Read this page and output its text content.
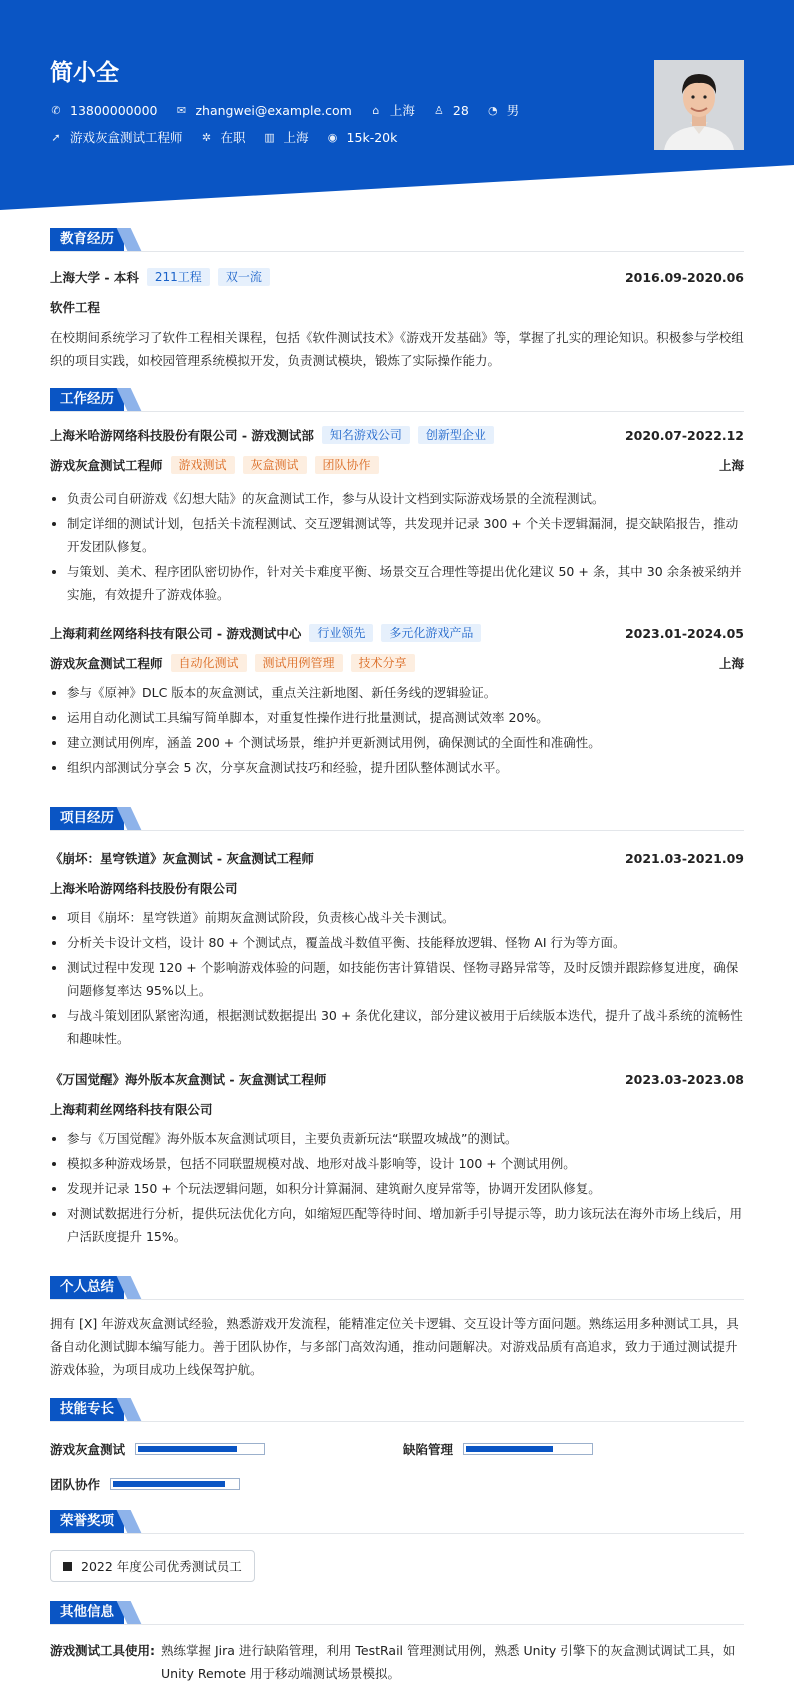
简小全
✆ 13800000000 ✉ zhangwei@example.com ⌂ 上海 ♙ 28 ◔ 男
➚ 游戏灰盒测试工程师 ✲ 在职 ▥ 上海 ◉ 15k-20k
教育经历
上海大学 - 本科	211工程	双一流	2016.09-2020.06
软件工程
在校期间系统学习了软件工程相关课程，包括《软件测试技术》《游戏开发基础》等，掌握了扎实的理论知识。积极参与学校组织的项目实践，如校园管理系统模拟开发，负责测试模块，锻炼了实际操作能力。
工作经历
上海米哈游网络科技股份有限公司 - 游戏测试部	知名游戏公司	创新型企业	2020.07-2022.12
游戏灰盒测试工程师	游戏测试	灰盒测试	团队协作	上海
负责公司自研游戏《幻想大陆》的灰盒测试工作，参与从设计文档到实际游戏场景的全流程测试。
制定详细的测试计划，包括关卡流程测试、交互逻辑测试等，共发现并记录 300 + 个关卡逻辑漏洞，提交缺陷报告，推动开发团队修复。
与策划、美术、程序团队密切协作，针对关卡难度平衡、场景交互合理性等提出优化建议 50 + 条，其中 30 余条被采纳并实施，有效提升了游戏体验。
上海莉莉丝网络科技有限公司 - 游戏测试中心	行业领先	多元化游戏产品	2023.01-2024.05
游戏灰盒测试工程师	自动化测试	测试用例管理	技术分享	上海
参与《原神》DLC 版本的灰盒测试，重点关注新地图、新任务线的逻辑验证。
运用自动化测试工具编写简单脚本，对重复性操作进行批量测试，提高测试效率 20%。
建立测试用例库，涵盖 200 + 个测试场景，维护并更新测试用例，确保测试的全面性和准确性。
组织内部测试分享会 5 次，分享灰盒测试技巧和经验，提升团队整体测试水平。
项目经历
《崩坏：星穹铁道》灰盒测试 - 灰盒测试工程师	2021.03-2021.09
上海米哈游网络科技股份有限公司
项目《崩坏：星穹铁道》前期灰盒测试阶段，负责核心战斗关卡测试。
分析关卡设计文档，设计 80 + 个测试点，覆盖战斗数值平衡、技能释放逻辑、怪物 AI 行为等方面。
测试过程中发现 120 + 个影响游戏体验的问题，如技能伤害计算错误、怪物寻路异常等，及时反馈并跟踪修复进度，确保问题修复率达 95%以上。
与战斗策划团队紧密沟通，根据测试数据提出 30 + 条优化建议，部分建议被用于后续版本迭代，提升了战斗系统的流畅性和趣味性。
《万国觉醒》海外版本灰盒测试 - 灰盒测试工程师	2023.03-2023.08
上海莉莉丝网络科技有限公司
参与《万国觉醒》海外版本灰盒测试项目，主要负责新玩法“联盟攻城战”的测试。
模拟多种游戏场景，包括不同联盟规模对战、地形对战斗影响等，设计 100 + 个测试用例。
发现并记录 150 + 个玩法逻辑问题，如积分计算漏洞、建筑耐久度异常等，协调开发团队修复。
对测试数据进行分析，提供玩法优化方向，如缩短匹配等待时间、增加新手引导提示等，助力该玩法在海外市场上线后，用户活跃度提升 15%。
个人总结
拥有 [X] 年游戏灰盒测试经验，熟悉游戏开发流程，能精准定位关卡逻辑、交互设计等方面问题。熟练运用多种测试工具，具备自动化测试脚本编写能力。善于团队协作，与多部门高效沟通，推动问题解决。对游戏品质有高追求，致力于通过测试提升游戏体验，为项目成功上线保驾护航。
技能专长
游戏灰盒测试	缺陷管理
团队协作
荣誉奖项
2022 年度公司优秀测试员工
其他信息
游戏测试工具使用: 熟练掌握 Jira 进行缺陷管理，利用 TestRail 管理测试用例，熟悉 Unity 引擎下的灰盒测试调试工具，如 Unity Remote 用于移动端测试场景模拟。
